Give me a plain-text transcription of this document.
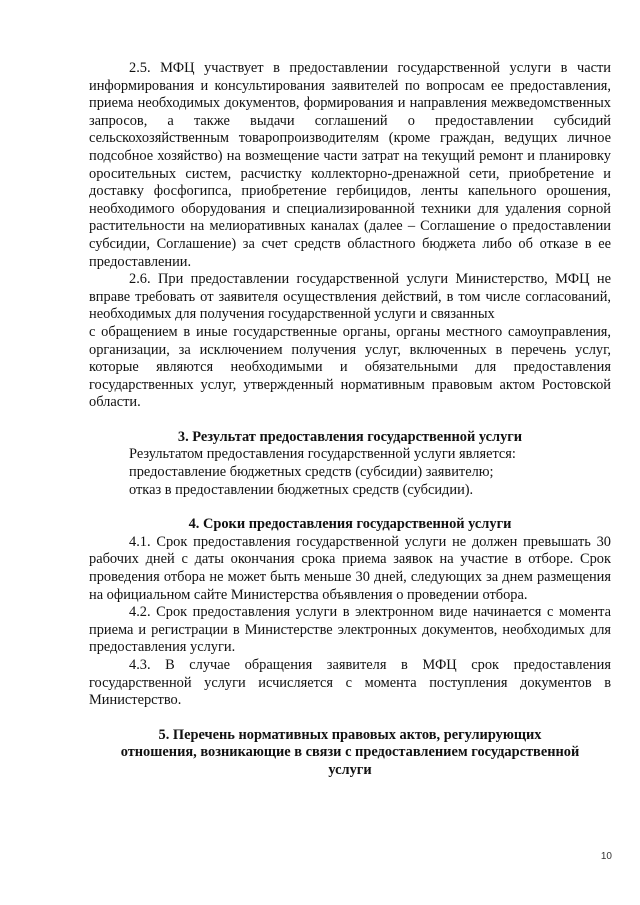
2.5. МФЦ участвует в предоставлении государственной услуги в части информирования и консультирования заявителей по вопросам ее предоставления, приема необходимых документов, формирования и направления межведомственных запросов, а также выдачи соглашений о предоставлении субсидий сельскохозяйственным товаропроизводителям (кроме граждан, ведущих личное подсобное хозяйство) на возмещение части затрат на текущий ремонт и планировку оросительных систем, расчистку коллекторно-дренажной сети, приобретение и доставку фосфогипса, приобретение гербицидов, ленты капельного орошения, необходимого оборудования и специализированной техники для удаления сорной растительности на мелиоративных каналах (далее – Соглашение о предоставлении субсидии, Соглашение) за счет средств областного бюджета либо об отказе в ее предоставлении.

2.6. При предоставлении государственной услуги Министерство, МФЦ не вправе требовать от заявителя осуществления действий, в том числе согласований, необходимых для получения государственной услуги и связанных

с обращением в иные государственные органы, органы местного самоуправления, организации, за исключением получения услуг, включенных в перечень услуг, которые являются необходимыми и обязательными для предоставления государственных услуг, утвержденный нормативным правовым актом Ростовской области.

3. Результат предоставления государственной услуги

Результатом предоставления государственной услуги является:
предоставление бюджетных средств (субсидии) заявителю;
отказ в предоставлении бюджетных средств (субсидии).

4. Сроки предоставления государственной услуги

4.1. Срок предоставления государственной услуги не должен превышать 30 рабочих дней с даты окончания срока приема заявок на участие в отборе. Срок проведения отбора не может быть меньше 30 дней, следующих за днем размещения на официальном сайте Министерства объявления о проведении отбора.

4.2. Срок предоставления услуги в электронном виде начинается с момента приема и регистрации в Министерстве электронных документов, необходимых для предоставления услуги.

4.3. В случае обращения заявителя в МФЦ срок предоставления государственной услуги исчисляется с момента поступления документов в Министерство.

5. Перечень нормативных правовых актов, регулирующих

отношения, возникающие в связи с предоставлением государственной

услуги

10
